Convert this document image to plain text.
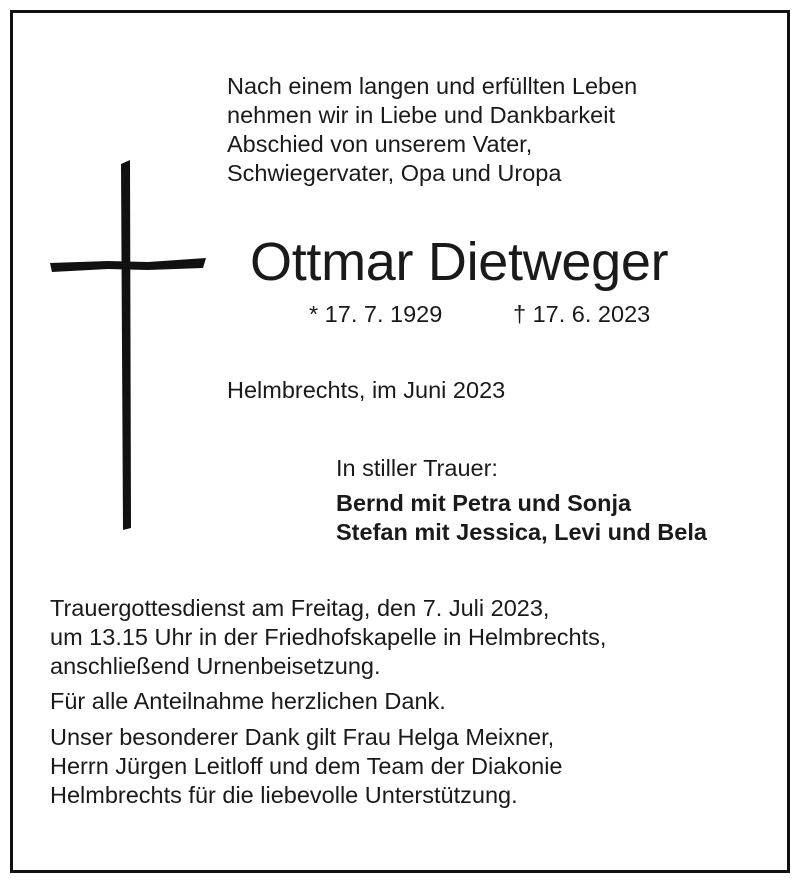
Nach einem langen und erfüllten Leben
nehmen wir in Liebe und Dankbarkeit
Abschied von unserem Vater,
Schwiegervater, Opa und Uropa

Ottmar Dietweger
* 17. 7. 1929	† 17. 6. 2023

Helmbrechts, im Juni 2023

In stiller Trauer:

Bernd mit Petra und Sonja
Stefan mit Jessica, Levi und Bela

Trauergottesdienst am Freitag, den 7. Juli 2023,
um 13.15 Uhr in der Friedhofskapelle in Helmbrechts,
anschließend Urnenbeisetzung.

Für alle Anteilnahme herzlichen Dank.

Unser besonderer Dank gilt Frau Helga Meixner,
Herrn Jürgen Leitloff und dem Team der Diakonie
Helmbrechts für die liebevolle Unterstützung.
